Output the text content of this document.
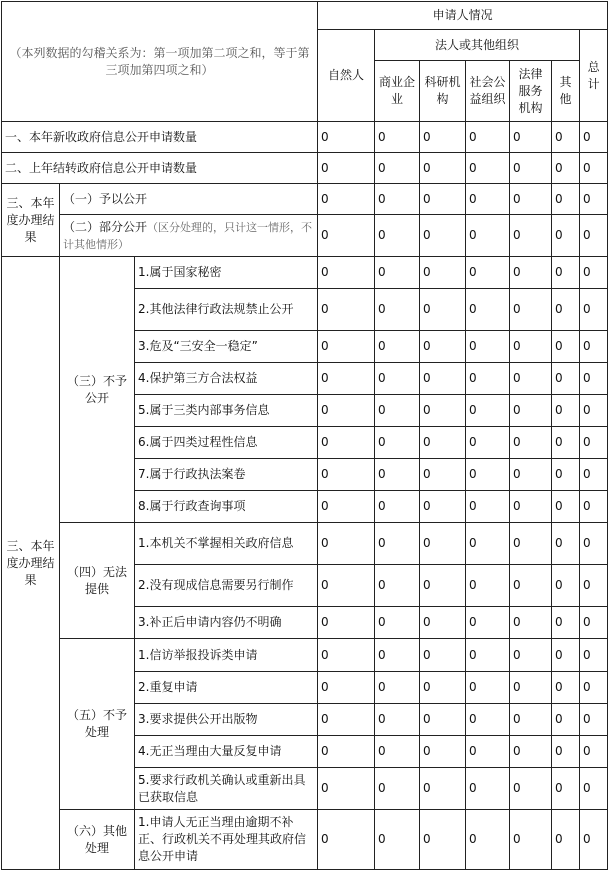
（本列数据的勾稽关系为：第一项加第二项之和，等于第三项加第四项之和）			申请人情况						
			自然人	法人或其他组织					总计
				商业企业	科研机构	社会公益组织	法律服务机构	其他	
一、本年新收政府信息公开申请数量			0	0	0	0	0	0	0
二、上年结转政府信息公开申请数量			0	0	0	0	0	0	0
三、本年度办理结果	（一）予以公开		0	0	0	0	0	0	0
	（二）部分公开（区分处理的，只计这一情形，不计其他情形）		0	0	0	0	0	0	0
三、本年度办理结果	（三）不予公开	1.属于国家秘密	0	0	0	0	0	0	0
		2.其他法律行政法规禁止公开	0	0	0	0	0	0	0
		3.危及“三安全一稳定”	0	0	0	0	0	0	0
		4.保护第三方合法权益	0	0	0	0	0	0	0
		5.属于三类内部事务信息	0	0	0	0	0	0	0
		6.属于四类过程性信息	0	0	0	0	0	0	0
		7.属于行政执法案卷	0	0	0	0	0	0	0
		8.属于行政查询事项	0	0	0	0	0	0	0
	（四）无法提供	1.本机关不掌握相关政府信息	0	0	0	0	0	0	0
		2.没有现成信息需要另行制作	0	0	0	0	0	0	0
		3.补正后申请内容仍不明确	0	0	0	0	0	0	0
	（五）不予处理	1.信访举报投诉类申请	0	0	0	0	0	0	0
		2.重复申请	0	0	0	0	0	0	0
		3.要求提供公开出版物	0	0	0	0	0	0	0
		4.无正当理由大量反复申请	0	0	0	0	0	0	0
		5.要求行政机关确认或重新出具已获取信息	0	0	0	0	0	0	0
	（六）其他处理	1.申请人无正当理由逾期不补正、行政机关不再处理其政府信息公开申请	0	0	0	0	0	0	0
